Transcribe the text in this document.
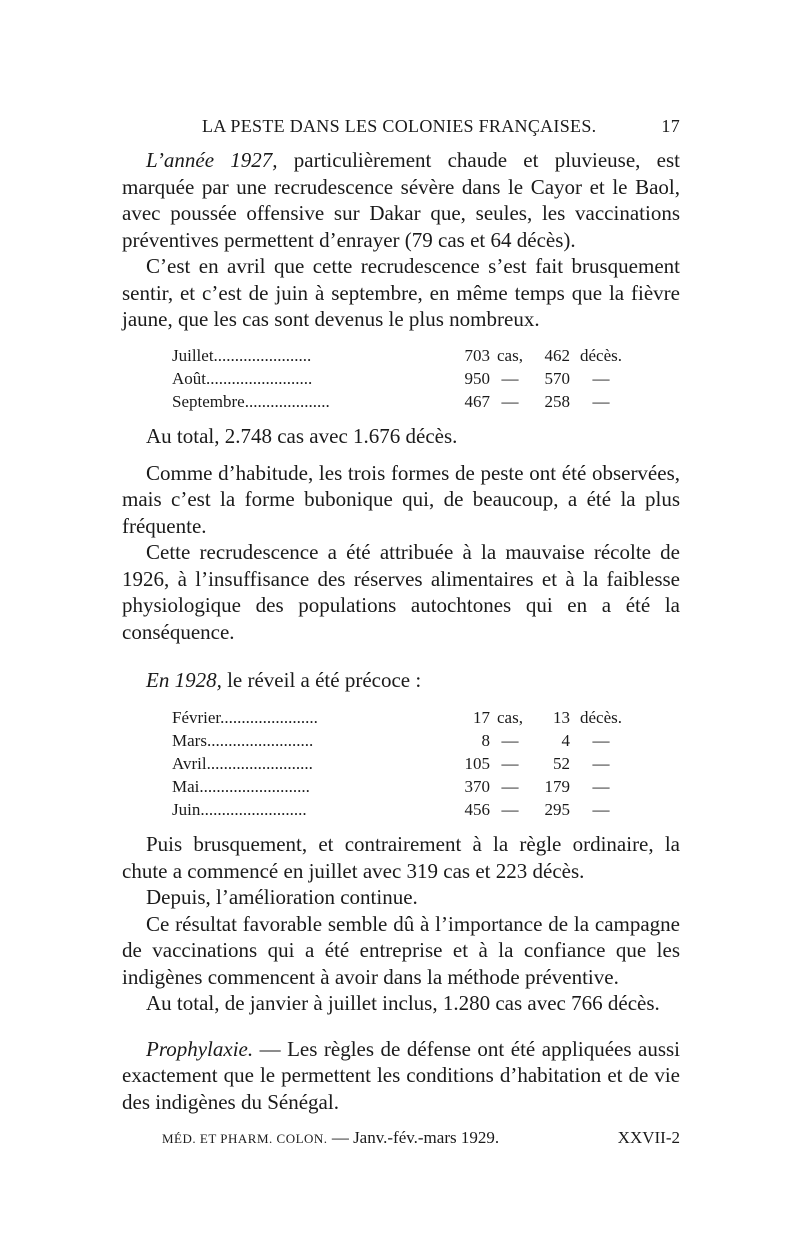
LA PESTE DANS LES COLONIES FRANÇAISES.	17

L’année 1927, particulièrement chaude et pluvieuse, est marquée par une recrudescence sévère dans le Cayor et le Baol, avec poussée offensive sur Dakar que, seules, les vaccinations préventives permettent d’enrayer (79 cas et 64 décès).

C’est en avril que cette recrudescence s’est fait brusquement sentir, et c’est de juin à septembre, en même temps que la fièvre jaune, que les cas sont devenus le plus nombreux.

Juillet.......................	703	cas,	462	décès.
Août.........................	950	—	570	—
Septembre....................	467	—	258	—

Au total, 2.748 cas avec 1.676 décès.

Comme d’habitude, les trois formes de peste ont été observées, mais c’est la forme bubonique qui, de beaucoup, a été la plus fréquente.

Cette recrudescence a été attribuée à la mauvaise récolte de 1926, à l’insuffisance des réserves alimentaires et à la faiblesse physiologique des populations autochtones qui en a été la conséquence.

En 1928, le réveil a été précoce :

Février.......................	17	cas,	13	décès.
Mars.........................	8	—	4	—
Avril.........................	105	—	52	—
Mai..........................	370	—	179	—
Juin.........................	456	—	295	—

Puis brusquement, et contrairement à la règle ordinaire, la chute a commencé en juillet avec 319 cas et 223 décès.

Depuis, l’amélioration continue.

Ce résultat favorable semble dû à l’importance de la campagne de vaccinations qui a été entreprise et à la confiance que les indigènes commencent à avoir dans la méthode préventive.

Au total, de janvier à juillet inclus, 1.280 cas avec 766 décès.

Prophylaxie. — Les règles de défense ont été appliquées aussi exactement que le permettent les conditions d’habitation et de vie des indigènes du Sénégal.

MÉD. ET PHARM. COLON. — Janv.-fév.-mars 1929.	XXVII-2
